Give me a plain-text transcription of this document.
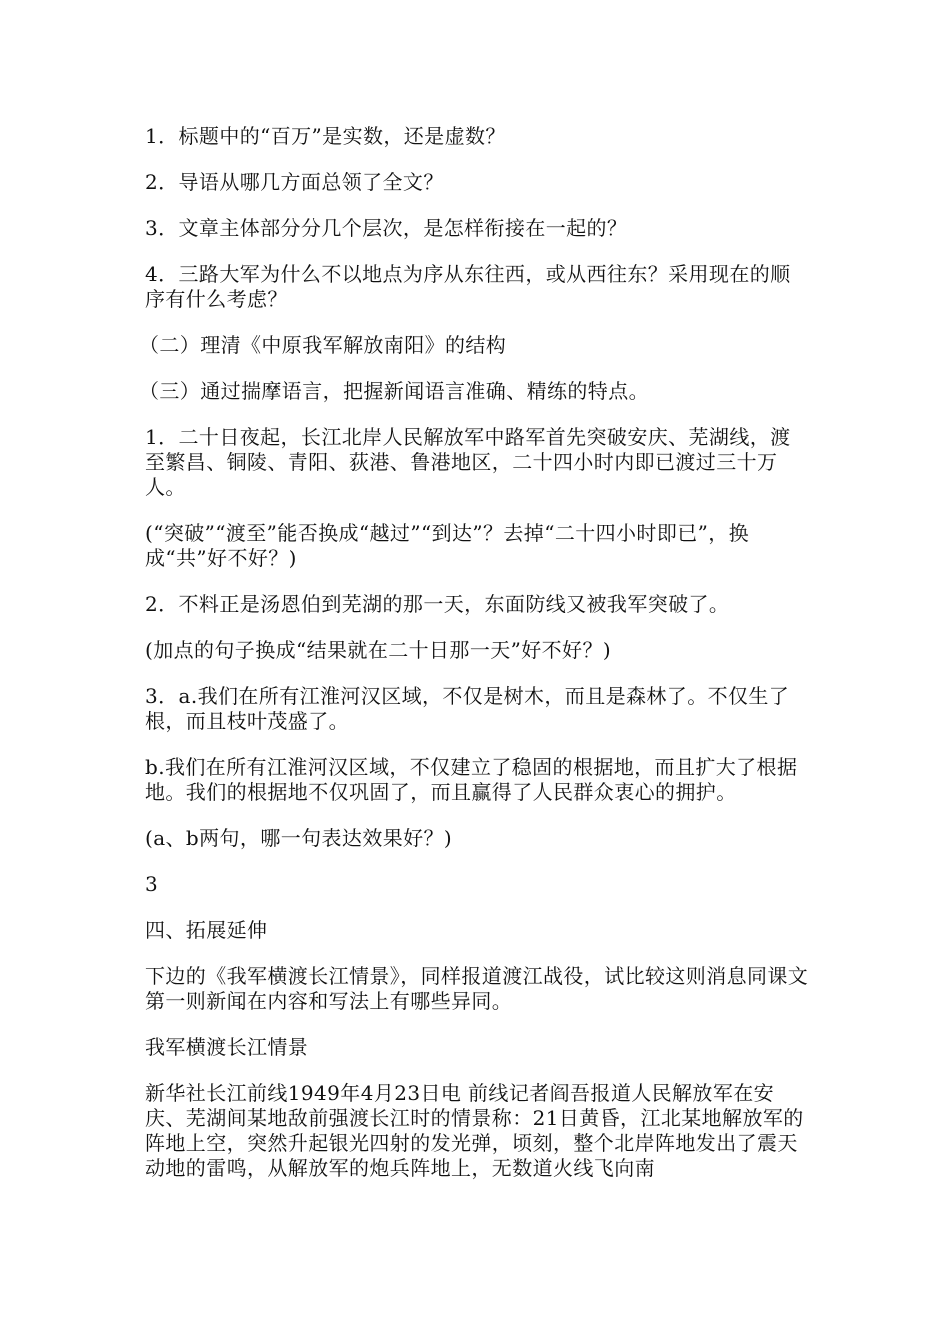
1．标题中的“百万”是实数，还是虚数？

2．导语从哪几方面总领了全文？

3．文章主体部分分几个层次，是怎样衔接在一起的？

4．三路大军为什么不以地点为序从东往西，或从西往东？采用现在的顺序有什么考虑？

（二）理清《中原我军解放南阳》的结构

（三）通过揣摩语言，把握新闻语言准确、精练的特点。

1．二十日夜起，长江北岸人民解放军中路军首先突破安庆、芜湖线，渡至繁昌、铜陵、青阳、荻港、鲁港地区，二十四小时内即已渡过三十万人。

(“突破”“渡至”能否换成“越过”“到达”？去掉“二十四小时即已”，换成“共”好不好？)

2．不料正是汤恩伯到芜湖的那一天，东面防线又被我军突破了。

(加点的句子换成“结果就在二十日那一天”好不好？)

3．a.我们在所有江淮河汉区域，不仅是树木，而且是森林了。不仅生了根，而且枝叶茂盛了。

b.我们在所有江淮河汉区域，不仅建立了稳固的根据地，而且扩大了根据地。我们的根据地不仅巩固了，而且赢得了人民群众衷心的拥护。

(a、b两句，哪一句表达效果好？)

3

四、拓展延伸

下边的《我军横渡长江情景》，同样报道渡江战役，试比较这则消息同课文第一则新闻在内容和写法上有哪些异同。

我军横渡长江情景

新华社长江前线1949年4月23日电 前线记者阎吾报道人民解放军在安庆、芜湖间某地敌前强渡长江时的情景称：21日黄昏，江北某地解放军的阵地上空，突然升起银光四射的发光弹，顷刻，整个北岸阵地发出了震天动地的雷鸣，从解放军的炮兵阵地上，无数道火线飞向南
